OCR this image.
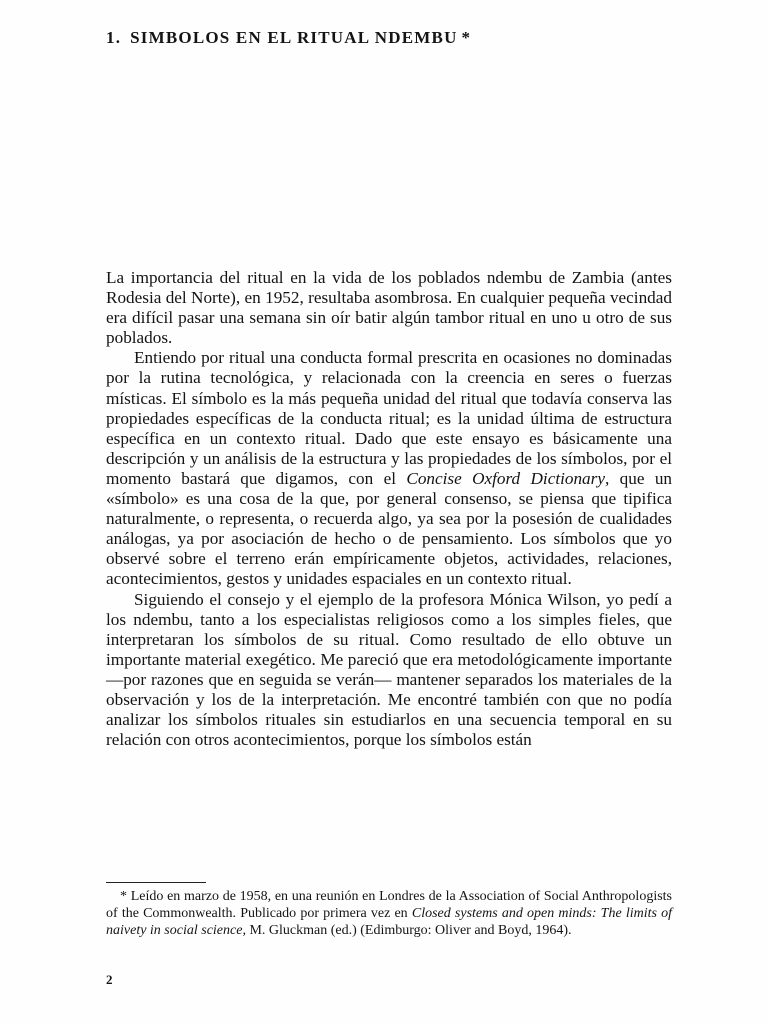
1. SIMBOLOS EN EL RITUAL NDEMBU *

La importancia del ritual en la vida de los poblados ndembu de Zambia (antes Rodesia del Norte), en 1952, resultaba asombrosa. En cualquier pequeña vecindad era difícil pasar una semana sin oír batir algún tambor ritual en uno u otro de sus poblados.

Entiendo por ritual una conducta formal prescrita en ocasiones no dominadas por la rutina tecnológica, y relacionada con la creencia en seres o fuerzas místicas. El símbolo es la más pequeña unidad del ritual que todavía conserva las propiedades específicas de la conducta ritual; es la unidad última de estructura específica en un contexto ritual. Dado que este ensayo es básicamente una descripción y un análisis de la estructura y las propiedades de los símbolos, por el momento bastará que digamos, con el Concise Oxford Dictionary, que un «símbolo» es una cosa de la que, por general consenso, se piensa que tipifica naturalmente, o representa, o recuerda algo, ya sea por la posesión de cualidades análogas, ya por asociación de hecho o de pensamiento. Los símbolos que yo observé sobre el terreno erán empíricamente objetos, actividades, relaciones, acontecimientos, gestos y unidades espaciales en un contexto ritual.

Siguiendo el consejo y el ejemplo de la profesora Mónica Wilson, yo pedí a los ndembu, tanto a los especialistas religiosos como a los simples fieles, que interpretaran los símbolos de su ritual. Como resultado de ello obtuve un importante material exegético. Me pareció que era metodológicamente importante —por razones que en seguida se verán— mantener separados los materiales de la observación y los de la interpretación. Me encontré también con que no podía analizar los símbolos rituales sin estudiarlos en una secuencia temporal en su relación con otros acontecimientos, porque los símbolos están

* Leído en marzo de 1958, en una reunión en Londres de la Association of Social Anthropologists of the Commonwealth. Publicado por primera vez en Closed systems and open minds: The limits of naivety in social science, M. Gluckman (ed.) (Edimburgo: Oliver and Boyd, 1964).

2
